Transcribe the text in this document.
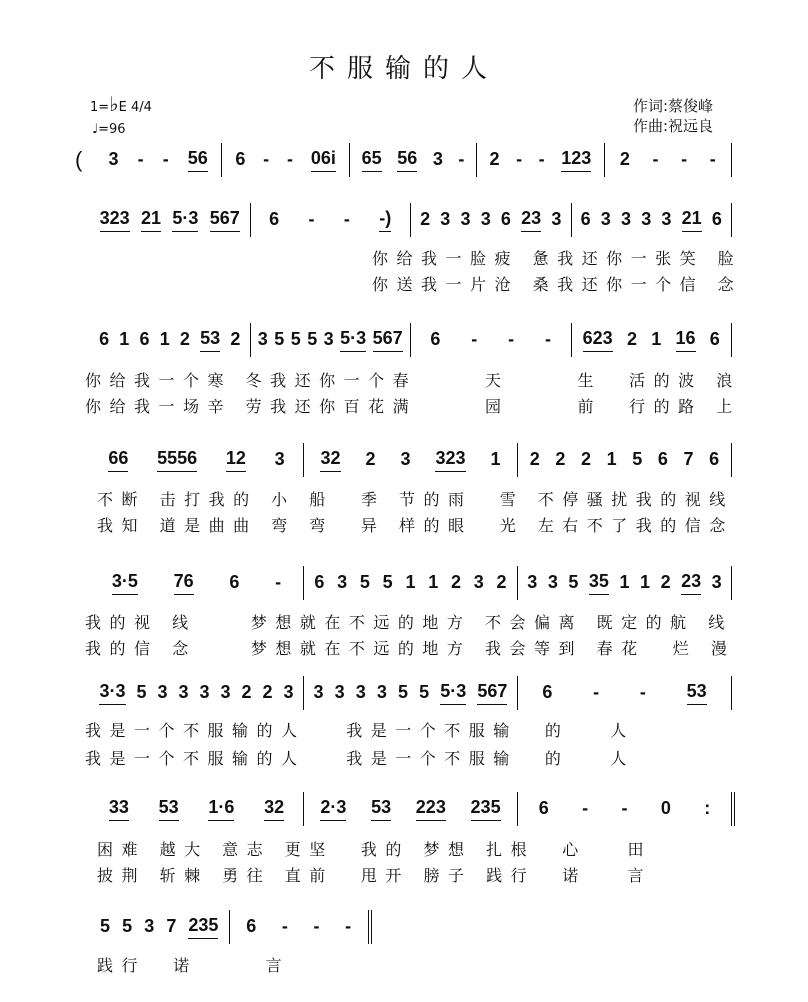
不服输的人
1=♭E 4/4
♩=96
作词:蔡俊峰
作曲:祝远良
(	3 - - 56 6 - - 06i 65 56 3 - 2 - - 123 2 - - -
323 21 5·3 567 6 - - -) 2 3 3 3 6 23 3 6 3 3 3 3 21 6
你给我一脸疲 惫我还你一张笑 脸
你送我一片沧 桑我还你一个信 念
6 1 6 1 2 53 2 3 5 5 5 3 5·3 567 6 - - - 623 2 1 16 6
你给我一个寒 冬我还你一个春     天     生  活的波 浪
你给我一场辛 劳我还你百花满     园     前  行的路 上
66 5556 12 3 32 2 3 323 1 2 2 2 1 5 6 7 6
不断 击打我的 小 船  季 节的雨  雪 不停骚扰我的视线
我知 道是曲曲 弯 弯  异 样的眼  光 左右不了我的信念
3·5 76 6 - 6 3 5 5 1 1 2 3 2 3 3 5 35 1 1 2 23 3
我的视 线    梦想就在不远的地方 不会偏离 既定的航 线
我的信 念    梦想就在不远的地方 我会等到 春花  烂 漫
3·3 5 3 3 3 3 2 2 3 3 3 3 3 5 5 5·3 567 6 - - 53
我是一个不服输的人   我是一个不服输  的   人
我是一个不服输的人   我是一个不服输  的   人
33 53 1·6 32 2·3 53 223 235 6 - - 0 :
困难 越大 意志 更坚  我的 梦想 扎根  心   田
披荆 斩棘 勇往 直前  甩开 膀子 践行  诺   言
5 5 3 7 235 6 - - -
践行  诺     言
